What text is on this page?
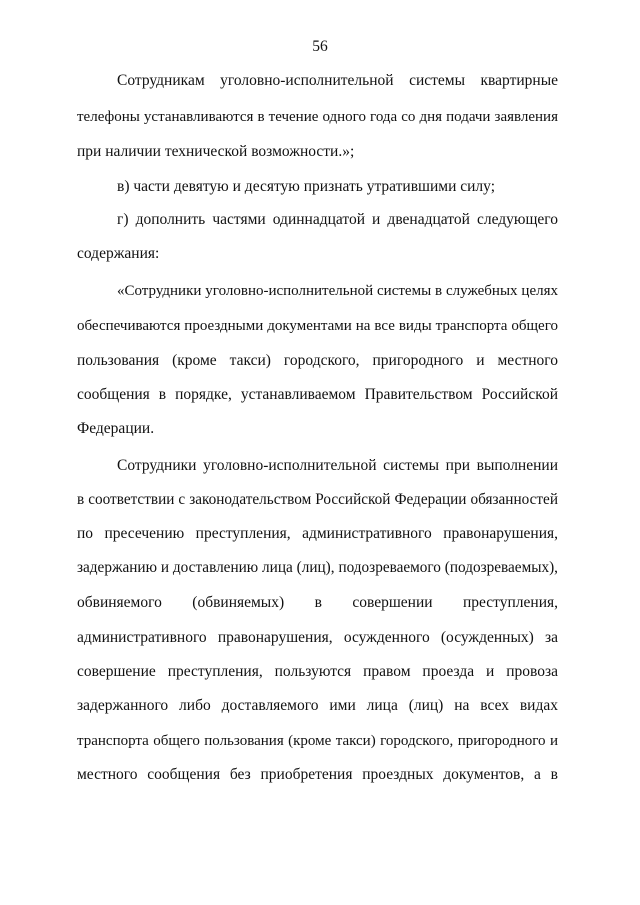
56
Сотрудникам уголовно-исполнительной системы квартирные
телефоны устанавливаются в течение одного года со дня подачи заявления
при наличии технической возможности.»;
в) части девятую и десятую признать утратившими силу;
г) дополнить частями одиннадцатой и двенадцатой следующего
содержания:
«Сотрудники уголовно-исполнительной системы в служебных целях
обеспечиваются проездными документами на все виды транспорта общего
пользования (кроме такси) городского, пригородного и местного
сообщения в порядке, устанавливаемом Правительством Российской
Федерации.
Сотрудники уголовно-исполнительной системы при выполнении
в соответствии с законодательством Российской Федерации обязанностей
по пресечению преступления, административного правонарушения,
задержанию и доставлению лица (лиц), подозреваемого (подозреваемых),
обвиняемого (обвиняемых) в совершении преступления,
административного правонарушения, осужденного (осужденных) за
совершение преступления, пользуются правом проезда и провоза
задержанного либо доставляемого ими лица (лиц) на всех видах
транспорта общего пользования (кроме такси) городского, пригородного и
местного сообщения без приобретения проездных документов, а в
